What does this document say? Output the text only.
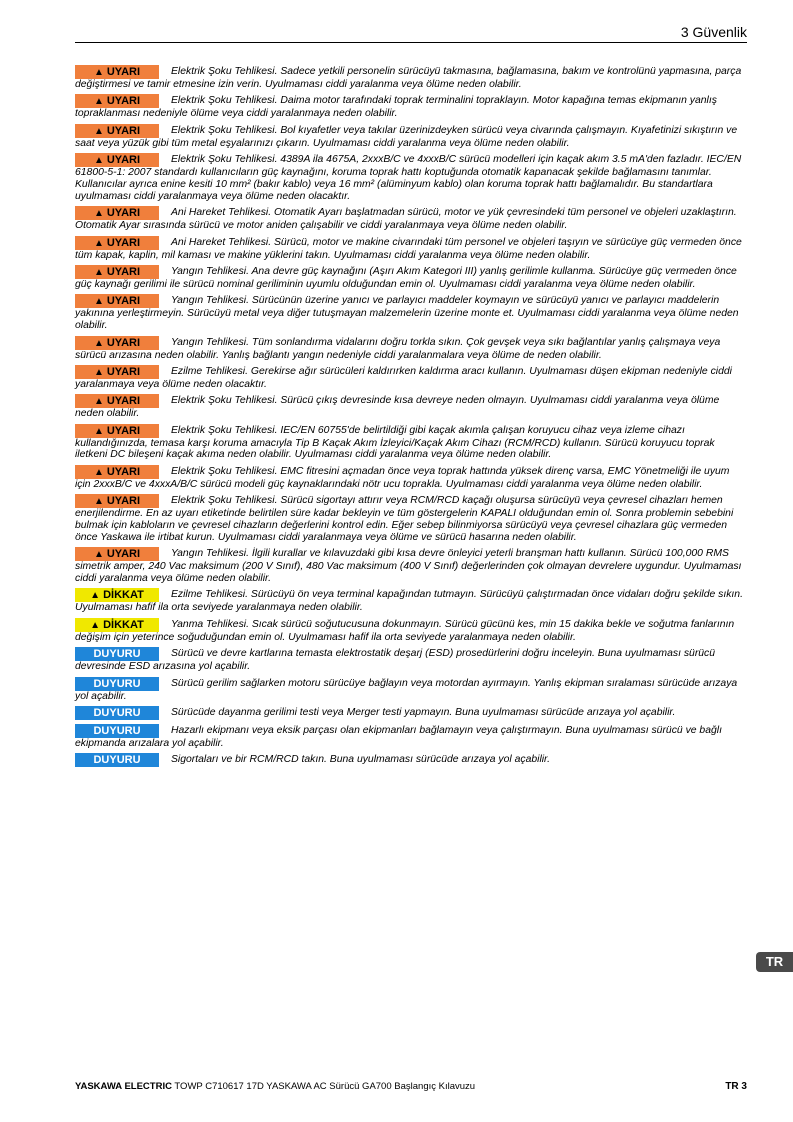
3 Güvenlik
▲ UYARI	Elektrik Şoku Tehlikesi. Sadece yetkili personelin sürücüyü takmasına, bağlamasına, bakım ve kontrolünü yapmasına, parça değiştirmesi ve tamir etmesine izin verin. Uyulmaması ciddi yaralanma veya ölüme neden olabilir.
▲ UYARI	Elektrik Şoku Tehlikesi. Daima motor tarafındaki toprak terminalini topraklayın. Motor kapağına temas ekipmanın yanlış topraklanması nedeniyle ölüme veya ciddi yaralanmaya neden olabilir.
▲ UYARI	Elektrik Şoku Tehlikesi. Bol kıyafetler veya takılar üzerinizdeyken sürücü veya civarında çalışmayın. Kıyafetinizi sıkıştırın ve saat veya yüzük gibi tüm metal eşyalarınızı çıkarın. Uyulmaması ciddi yaralanma veya ölüme neden olabilir.
▲ UYARI	Elektrik Şoku Tehlikesi. 4389A ila 4675A, 2xxxB/C ve 4xxxB/C sürücü modelleri için kaçak akım 3.5 mA'den fazladır. IEC/EN 61800-5-1: 2007 standardı kullanıcıların güç kaynağını, koruma toprak hattı koptuğunda otomatik kapanacak şekilde bağlamasını tanımlar. Kullanıcılar ayrıca enine kesiti 10 mm² (bakır kablo) veya 16 mm² (alüminyum kablo) olan koruma toprak hattı bağlamalıdır. Bu standartlara uyulmaması ciddi yaralanmaya veya ölüme neden olacaktır.
▲ UYARI	Ani Hareket Tehlikesi. Otomatik Ayarı başlatmadan sürücü, motor ve yük çevresindeki tüm personel ve objeleri uzaklaştırın. Otomatik Ayar sırasında sürücü ve motor aniden çalışabilir ve ciddi yaralanmaya veya ölüme neden olabilir.
▲ UYARI	Ani Hareket Tehlikesi. Sürücü, motor ve makine civarındaki tüm personel ve objeleri taşıyın ve sürücüye güç vermeden önce tüm kapak, kaplin, mil kaması ve makine yüklerini takın. Uyulmaması ciddi yaralanma veya ölüme neden olabilir.
▲ UYARI	Yangın Tehlikesi. Ana devre güç kaynağını (Aşırı Akım Kategori III) yanlış gerilimle kullanma. Sürücüye güç vermeden önce güç kaynağı gerilimi ile sürücü nominal geriliminin uyumlu olduğundan emin ol. Uyulmaması ciddi yaralanma veya ölüme neden olabilir.
▲ UYARI	Yangın Tehlikesi. Sürücünün üzerine yanıcı ve parlayıcı maddeler koymayın ve sürücüyü yanıcı ve parlayıcı maddelerin yakınına yerleştirmeyin. Sürücüyü metal veya diğer tutuşmayan malzemelerin üzerine monte et. Uyulmaması ciddi yaralanma veya ölüme neden olabilir.
▲ UYARI	Yangın Tehlikesi. Tüm sonlandırma vidalarını doğru torkla sıkın. Çok gevşek veya sıkı bağlantılar yanlış çalışmaya veya sürücü arızasına neden olabilir. Yanlış bağlantı yangın nedeniyle ciddi yaralanmalara veya ölüme de neden olabilir.
▲ UYARI	Ezilme Tehlikesi. Gerekirse ağır sürücüleri kaldırırken kaldırma aracı kullanın. Uyulmaması düşen ekipman nedeniyle ciddi yaralanmaya veya ölüme neden olacaktır.
▲ UYARI	Elektrik Şoku Tehlikesi. Sürücü çıkış devresinde kısa devreye neden olmayın. Uyulmaması ciddi yaralanma veya ölüme neden olabilir.
▲ UYARI	Elektrik Şoku Tehlikesi. IEC/EN 60755'de belirtildiği gibi kaçak akımla çalışan koruyucu cihaz veya izleme cihazı kullandığınızda, temasa karşı koruma amacıyla Tip B Kaçak Akım İzleyici/Kaçak Akım Cihazı (RCM/RCD) kullanın. Sürücü koruyucu toprak iletkeni DC bileşeni kaçak akıma neden olabilir. Uyulmaması ciddi yaralanma veya ölüme neden olabilir.
▲ UYARI	Elektrik Şoku Tehlikesi. EMC fitresini açmadan önce veya toprak hattında yüksek direnç varsa, EMC Yönetmeliği ile uyum için 2xxxB/C ve 4xxxA/B/C sürücü modeli güç kaynaklarındaki nötr ucu topraklа. Uyulmaması ciddi yaralanma veya ölüme neden olabilir.
▲ UYARI	Elektrik Şoku Tehlikesi. Sürücü sigortayı attırır veya RCM/RCD kaçağı oluşursa sürücüyü veya çevresel cihazları hemen enerjilendirme. En az uyarı etiketinde belirtilen süre kadar bekleyin ve tüm göstergelerin KAPALI olduğundan emin ol. Sonra problemin sebebini bulmak için kabloların ve çevresel cihazların değerlerini kontrol edin. Eğer sebep bilinmiyorsa sürücüyü veya çevresel cihazlara güç vermeden önce Yaskawa ile irtibat kurun. Uyulmaması ciddi yaralanmaya veya ölüme ve sürücü hasarına neden olabilir.
▲ UYARI	Yangın Tehlikesi. İlgili kurallar ve kılavuzdaki gibi kısa devre önleyici yeterli branşman hattı kullanın. Sürücü 100,000 RMS simetrik amper, 240 Vac maksimum (200 V Sınıf), 480 Vac maksimum (400 V Sınıf) değerlerinden çok olmayan devrelere uygundur. Uyulmaması ciddi yaralanma veya ölüme neden olabilir.
▲ DİKKAT	Ezilme Tehlikesi. Sürücüyü ön veya terminal kapağından tutmayın. Sürücüyü çalıştırmadan önce vidaları doğru şekilde sıkın. Uyulmaması hafif ila orta seviyede yaralanmaya neden olabilir.
▲ DİKKAT	Yanma Tehlikesi. Sıcak sürücü soğutucusuna dokunmayın. Sürücü gücünü kes, min 15 dakika bekle ve soğutma fanlarının değişim için yeterince soğuduğundan emin ol. Uyulmaması hafif ila orta seviyede yaralanmaya neden olabilir.
DUYURU	Sürücü ve devre kartlarına temasta elektrostatik deşarj (ESD) prosedürlerini doğru inceleyin. Buna uyulmaması sürücü devresinde ESD arızasına yol açabilir.
DUYURU	Sürücü gerilim sağlarken motoru sürücüye bağlayın veya motordan ayırmayın. Yanlış ekipman sıralaması sürücüde arızaya yol açabilir.
DUYURU	Sürücüde dayanma gerilimi testi veya Merger testi yapmayın. Buna uyulmaması sürücüde arızaya yol açabilir.
DUYURU	Hazarlı ekipmanı veya eksik parçası olan ekipmanları bağlamayın veya çalıştırmayın. Buna uyulmaması sürücü ve bağlı ekipmanda arızalara yol açabilir.
DUYURU	Sigortaları ve bir RCM/RCD takın. Buna uyulmaması sürücüde arızaya yol açabilir.
TR
YASKAWA ELECTRIC TOWP C710617 17D YASKAWA AC Sürücü GA700 Başlangıç Kılavuzu	TR 3
